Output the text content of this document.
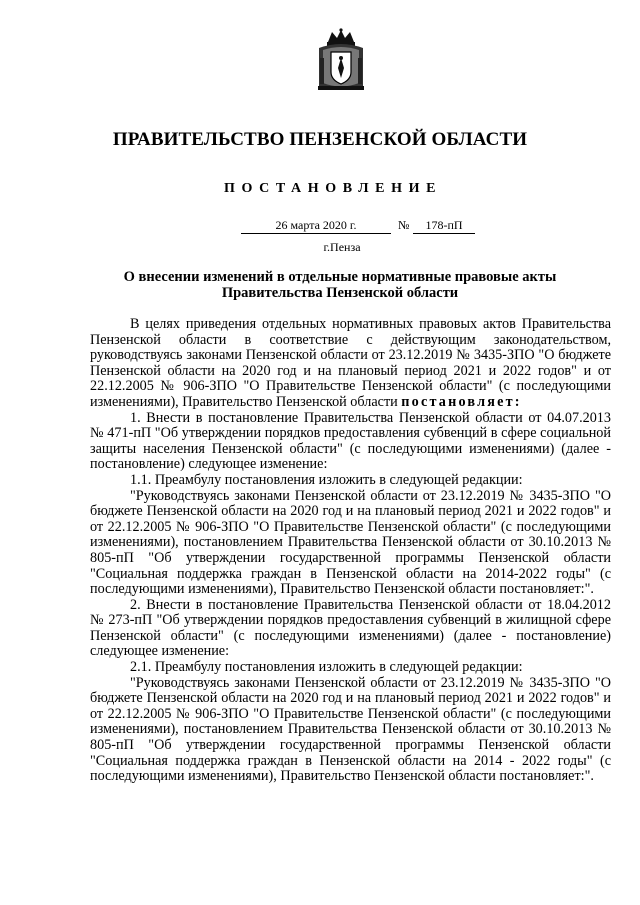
ПРАВИТЕЛЬСТВО ПЕНЗЕНСКОЙ ОБЛАСТИ
ПОСТАНОВЛЕНИЕ
26 марта 2020 г.	№	178-пП
г.Пенза
О внесении изменений в отдельные нормативные правовые акты Правительства Пензенской области

В целях приведения отдельных нормативных правовых актов Правительства Пензенской области в соответствие с действующим законодательством, руководствуясь законами Пензенской области от 23.12.2019 № 3435-ЗПО "О бюджете Пензенской области на 2020 год и на плановый период 2021 и 2022 годов" и от 22.12.2005 № 906-ЗПО "О Правительстве Пензенской области" (с последующими изменениями), Правительство Пензенской области постановляет:

1. Внести в постановление Правительства Пензенской области от 04.07.2013 № 471-пП "Об утверждении порядков предоставления субвенций в сфере социальной защиты населения Пензенской области" (с последующими изменениями) (далее - постановление) следующее изменение:

1.1. Преамбулу постановления изложить в следующей редакции:

"Руководствуясь законами Пензенской области от 23.12.2019 № 3435-ЗПО "О бюджете Пензенской области на 2020 год и на плановый период 2021 и 2022 годов" и от 22.12.2005 № 906-ЗПО "О Правительстве Пензенской области" (с последующими изменениями), постановлением Правительства Пензенской области от 30.10.2013 № 805-пП "Об утверждении государственной программы Пензенской области "Социальная поддержка граждан в Пензенской области на 2014-2022 годы" (с последующими изменениями), Правительство Пензенской области постановляет:".

2. Внести в постановление Правительства Пензенской области от 18.04.2012 № 273-пП "Об утверждении порядков предоставления субвенций в жилищной сфере Пензенской области" (с последующими изменениями) (далее - постановление) следующее изменение:

2.1. Преамбулу постановления изложить в следующей редакции:

"Руководствуясь законами Пензенской области от 23.12.2019 № 3435-ЗПО "О бюджете Пензенской области на 2020 год и на плановый период 2021 и 2022 годов" и от 22.12.2005 № 906-ЗПО "О Правительстве Пензенской области" (с последующими изменениями), постановлением Правительства Пензенской области от 30.10.2013 № 805-пП "Об утверждении государственной программы Пензенской области "Социальная поддержка граждан в Пензенской области на 2014 - 2022 годы" (с последующими изменениями), Правительство Пензенской области постановляет:".
